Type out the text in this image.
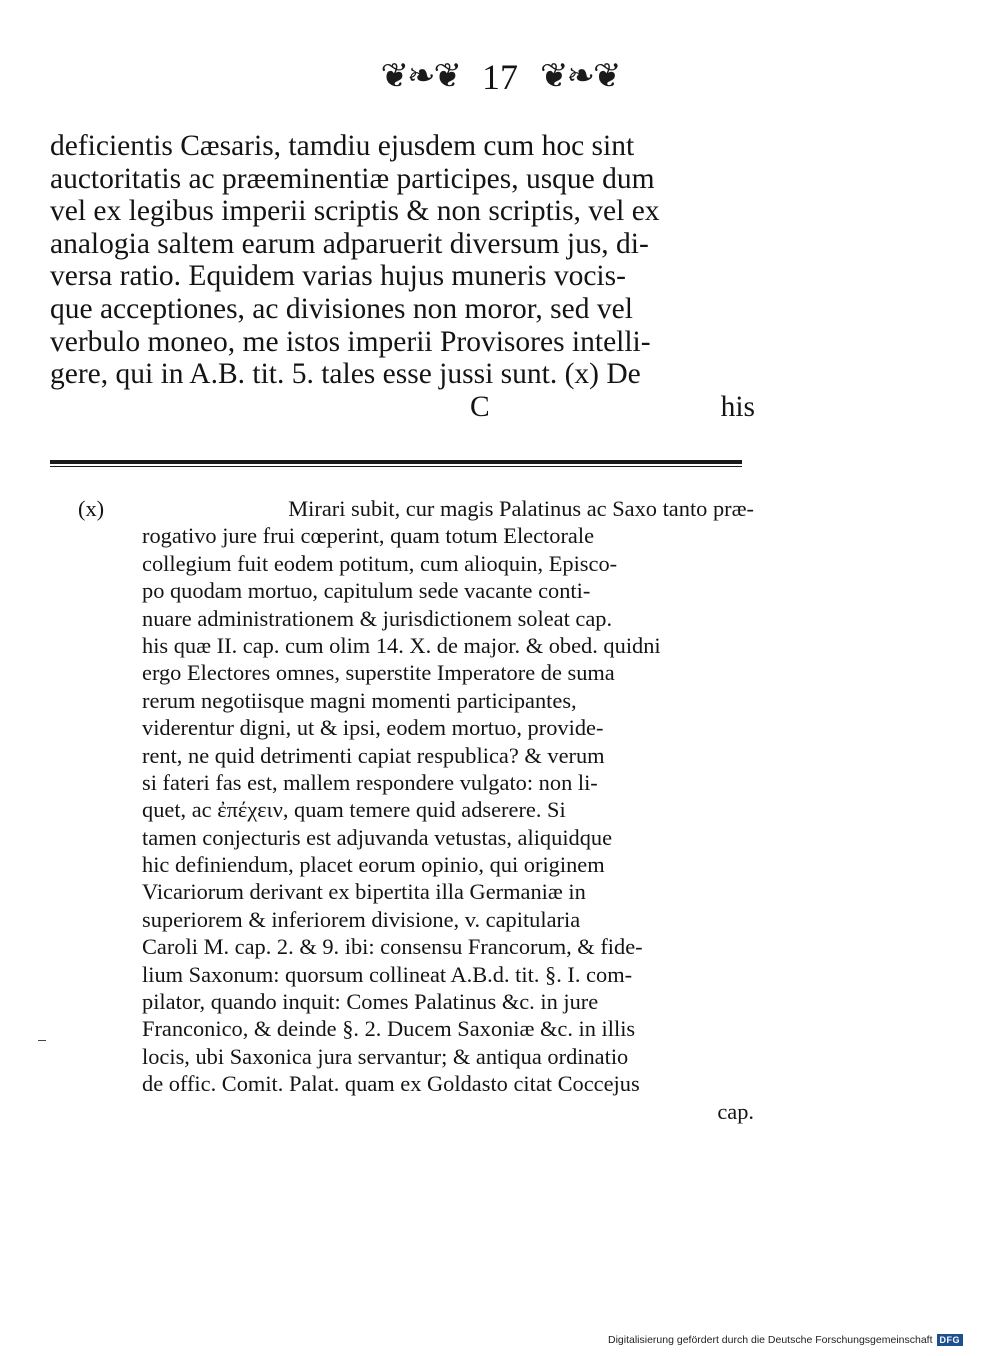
❦❧❦ 17 ❦❧❦
deficientis Cæsaris, tamdiu ejusdem cum hoc sint
auctoritatis ac præeminentiæ participes, usque dum
vel ex legibus imperii scriptis & non scriptis, vel ex
analogia saltem earum adparuerit diversum jus, di-
versa ratio. Equidem varias hujus muneris vocis-
que acceptiones, ac divisiones non moror, sed vel
verbulo moneo, me istos imperii Provisores intelli-
gere, qui in A.B. tit. 5. tales esse jussi sunt. (x) De
C	his
(x)	Mirari subit, cur magis Palatinus ac Saxo tanto præ-
rogativo jure frui cœperint, quam totum Electorale
collegium fuit eodem potitum, cum alioquin, Episco-
po quodam mortuo, capitulum sede vacante conti-
nuare administrationem & jurisdictionem soleat cap.
his quæ II. cap. cum olim 14. X. de major. & obed. quidni
ergo Electores omnes, superstite Imperatore de suma
rerum negotiisque magni momenti participantes,
viderentur digni, ut & ipsi, eodem mortuo, provide-
rent, ne quid detrimenti capiat respublica? & verum
si fateri fas est, mallem respondere vulgato: non li-
quet, ac ἐπέχειν, quam temere quid adserere. Si
tamen conjecturis est adjuvanda vetustas, aliquidque
hic definiendum, placet eorum opinio, qui originem
Vicariorum derivant ex bipertita illa Germaniæ in
superiorem & inferiorem divisione, v. capitularia
Caroli M. cap. 2. & 9. ibi: consensu Francorum, & fide-
lium Saxonum: quorsum collineat A.B.d. tit. §. I. com-
pilator, quando inquit: Comes Palatinus &c. in jure
Franconico, & deinde §. 2. Ducem Saxoniæ &c. in illis
locis, ubi Saxonica jura servantur; & antiqua ordinatio
de offic. Comit. Palat. quam ex Goldasto citat Coccejus
cap.
Digitalisierung gefördert durch die Deutsche Forschungsgemeinschaft DFG
